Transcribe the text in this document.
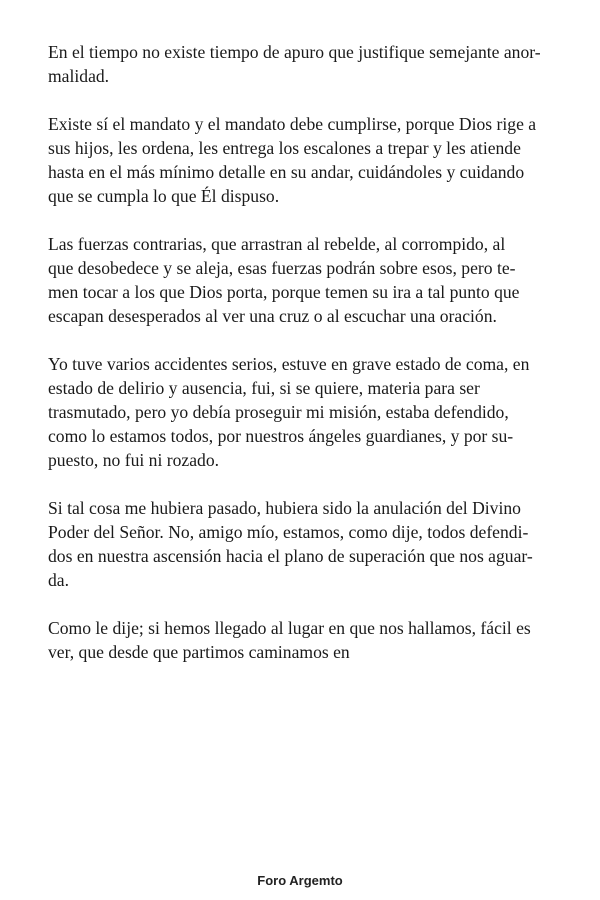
En el tiempo no existe tiempo de apuro que justifique semejante anor-
malidad.

Existe sí el mandato y el mandato debe cumplirse, porque Dios rige a
sus hijos, les ordena, les entrega los escalones a trepar y les atiende
hasta en el más mínimo detalle en su andar, cuidándoles y cuidando
que se cumpla lo que Él dispuso.

Las fuerzas contrarias, que arrastran al rebelde, al corrompido, al
que desobedece y se aleja, esas fuerzas podrán sobre esos, pero te-
men tocar a los que Dios porta, porque temen su ira a tal punto que
escapan desesperados al ver una cruz o al escuchar una oración.

Yo tuve varios accidentes serios, estuve en grave estado de coma, en
estado de delirio y ausencia, fui, si se quiere, materia para ser
trasmutado, pero yo debía proseguir mi misión, estaba defendido,
como lo estamos todos, por nuestros ángeles guardianes, y por su-
puesto, no fui ni rozado.

Si tal cosa me hubiera pasado, hubiera sido la anulación del Divino
Poder del Señor. No, amigo mío, estamos, como dije, todos defendi-
dos en nuestra ascensión hacia el plano de superación que nos aguar-
da.

Como le dije; si hemos llegado al lugar en que nos hallamos, fácil es
ver, que desde que partimos caminamos en

Foro Argemto
